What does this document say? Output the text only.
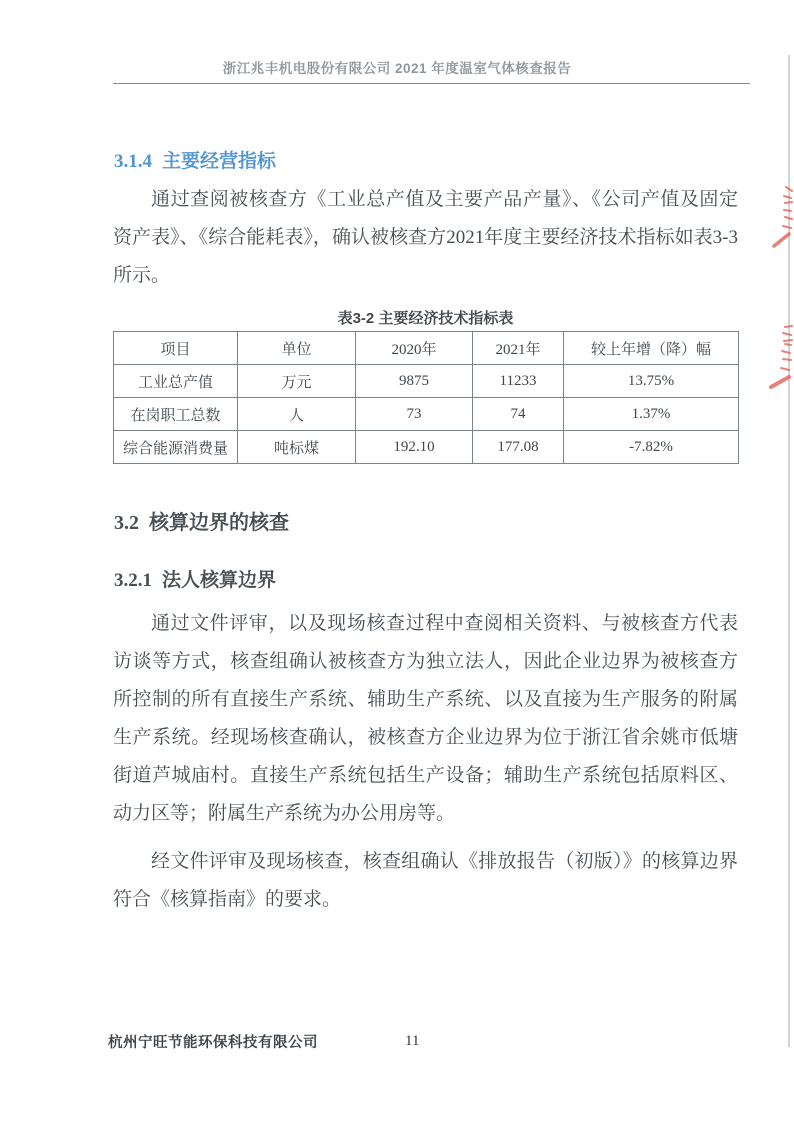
浙江兆丰机电股份有限公司 2021 年度温室气体核查报告
3.1.4 主要经营指标

通过查阅被核查方《工业总产值及主要产品产量》、《公司产值及固定资产表》、《综合能耗表》，确认被核查方2021年度主要经济技术指标如表3-3所示。

表3-2 主要经济技术指标表
项目	单位	2020年	2021年	较上年增（降）幅
工业总产值	万元	9875	11233	13.75%
在岗职工总数	人	73	74	1.37%
综合能源消费量	吨标煤	192.10	177.08	-7.82%
3.2 核算边界的核查
3.2.1 法人核算边界

通过文件评审，以及现场核查过程中查阅相关资料、与被核查方代表访谈等方式，核查组确认被核查方为独立法人，因此企业边界为被核查方所控制的所有直接生产系统、辅助生产系统、以及直接为生产服务的附属生产系统。经现场核查确认，被核查方企业边界为位于浙江省余姚市低塘街道芦城庙村。直接生产系统包括生产设备；辅助生产系统包括原料区、动力区等；附属生产系统为办公用房等。

经文件评审及现场核查，核查组确认《排放报告（初版）》的核算边界符合《核算指南》的要求。

杭州宁旺节能环保科技有限公司	11
